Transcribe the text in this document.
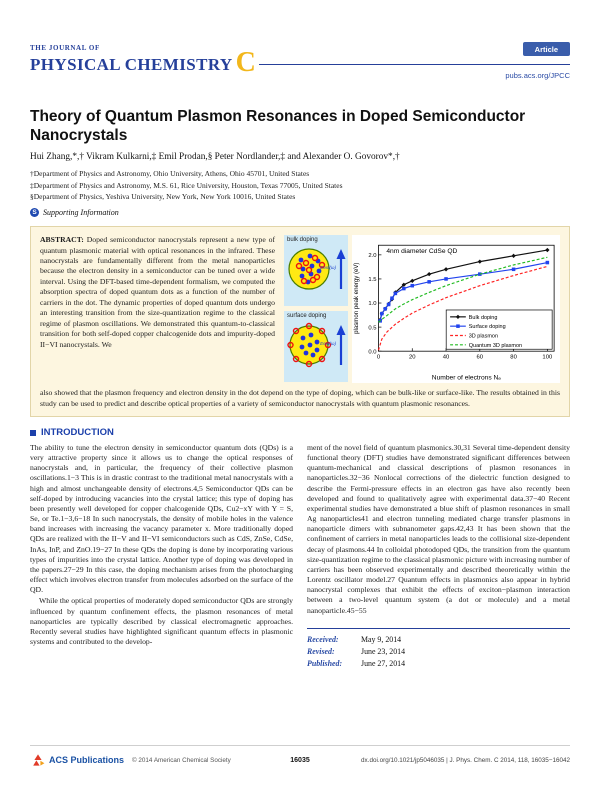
THE JOURNAL OF
PHYSICAL CHEMISTRY C	Article
pubs.acs.org/JPCC
Theory of Quantum Plasmon Resonances in Doped Semiconductor Nanocrystals
Hui Zhang,*,† Vikram Kulkarni,‡ Emil Prodan,§ Peter Nordlander,‡ and Alexander O. Govorov*,†
†Department of Physics and Astronomy, Ohio University, Athens, Ohio 45701, United States
‡Department of Physics and Astronomy, M.S. 61, Rice University, Houston, Texas 77005, United States
§Department of Physics, Yeshiva University, New York, New York 10016, United States
S Supporting Information

ABSTRACT: Doped semiconductor nanocrystals represent a new type of quantum plasmonic material with optical resonances in the infrared. These nanocrystals are fundamentally different from the metal nanoparticles because the electron density in a semiconductor can be tuned over a wide interval. Using the DFT-based time-dependent formalism, we computed the absorption spectra of doped quantum dots as a function of the number of carriers in the dot. The dynamic properties of doped quantum dots undergo an interesting transition from the size-quantization regime to the classical regime of plasmon oscillations. We demonstrated this quantum-to-classical transition for both self-doped copper chalcogenide dots and impurity-doped II−VI nanocrystals. We

bulk doping
Eext(ω)
surface doping
Eext(ω)
0	20	40	60	80	100
0.0
0.5
1.0
1.5
2.0
4nm diameter CdSe QD
Number of electrons Nₑ
plasmon peak energy (eV)	Bulk doping
Surface doping
3D plasmon
Quantum 3D plasmon

also showed that the plasmon frequency and electron density in the dot depend on the type of doping, which can be bulk-like or surface-like. The results obtained in this study can be used to predict and describe optical properties of a variety of semiconductor nanocrystals with quantum plasmonic resonances.

INTRODUCTION

The ability to tune the electron density in semiconductor quantum dots (QDs) is a very attractive property since it allows us to change the optical responses of nanocrystals and, in particular, the frequency of their collective plasmon oscillations.1−3 This is in drastic contrast to the traditional metal nanocrystals with a high and almost unchangeable density of electrons.4,5 Semiconductor QDs can be self-doped by introducing vacancies into the crystal lattice; this type of doping has been presently well developed for copper chalcogenide QDs, Cu2−xY with Y = S, Se, or Te.1−3,6−18 In such nanocrystals, the density of mobile holes in the valence band increases with increasing the vacancy parameter x. More traditionally doped QDs are realized with the II−V and II−VI semiconductors such as CdS, ZnSe, CdSe, InAs, InP, and ZnO.19−27 In these QDs the doping is done by incorporating various types of impurities into the crystal lattice. Another type of doping was developed in the papers.27−29 In this case, the doping mechanism arises from the photocharging effect which involves electron transfer from molecules adsorbed on the surface of the QD.

While the optical properties of moderately doped semiconductor QDs are strongly influenced by quantum confinement effects, the plasmon resonances of metal nanoparticles are typically described by classical electromagnetic approaches. Recently several studies have highlighted significant quantum effects in plasmonic systems and contributed to the develop-

ment of the novel field of quantum plasmonics.30,31 Several time-dependent density functional theory (DFT) studies have demonstrated significant differences between quantum-mechanical and classical descriptions of plasmon resonances in nanoparticles.32−36 Nonlocal corrections of the dielectric function designed to describe the Fermi-pressure effects in an electron gas have also recently been developed and found to qualitatively agree with experimental data.37−40 Recent experimental studies have demonstrated a blue shift of plasmon resonances in small Ag nanoparticles41 and electron tunneling mediated charge transfer plasmons in nanoparticle dimers with subnanometer gaps.42,43 It has been shown that the confinement of carriers in metal nanoparticles leads to the collisional size-dependent decay of plasmons.44 In colloidal photodoped QDs, the transition from the quantum size-quantization regime to the classical plasmonic picture with increasing number of carriers has been observed experimentally and described theoretically within the Lorentz oscillator model.27 Quantum effects in plasmonics also appear in hybrid nanocrystal complexes that exhibit the effects of exciton−plasmon interaction between a two-level quantum system (a dot or molecule) and a metal nanoparticle.45−55

Received:	May 9, 2014
Revised:	June 23, 2014
Published:	June 27, 2014
ACS Publications © 2014 American Chemical Society	16035	dx.doi.org/10.1021/jp5046035 | J. Phys. Chem. C 2014, 118, 16035−16042
